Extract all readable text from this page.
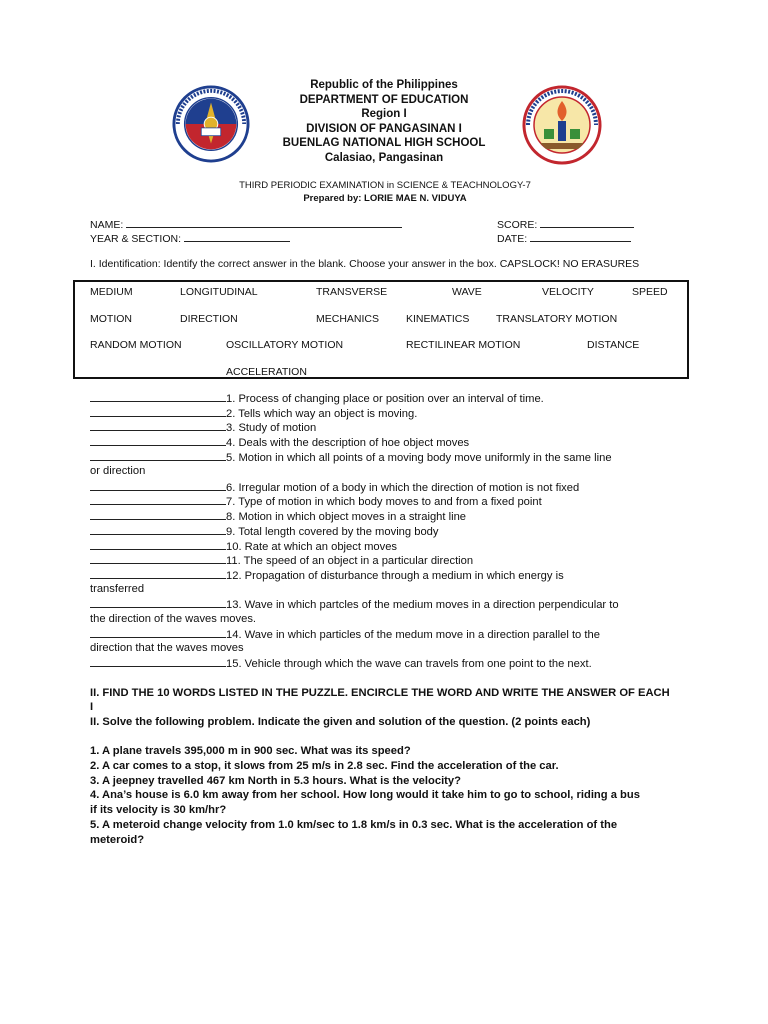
Republic of the Philippines
DEPARTMENT OF EDUCATION
Region I
DIVISION OF PANGASINAN I
BUENLAG NATIONAL HIGH SCHOOL
Calasiao, Pangasinan
THIRD PERIODIC EXAMINATION in SCIENCE & TEACHNOLOGY-7
Prepared by: LORIE MAE N. VIDUYA
NAME:
YEAR & SECTION:
SCORE:
DATE:
I. Identification: Identify the correct answer in the blank. Choose your answer in the box. CAPSLOCK! NO ERASURES
MEDIUM	LONGITUDINAL	TRANSVERSE	WAVE	VELOCITY	SPEED
MOTION	DIRECTION	MECHANICS	KINEMATICS	TRANSLATORY MOTION
RANDOM MOTION	OSCILLATORY MOTION	RECTILINEAR MOTION	DISTANCE
ACCELERATION
1. Process of changing place or position over an interval of time.
2. Tells which way an object is moving.
3. Study of motion
4. Deals with the description of hoe object moves
5. Motion in which all points of a moving body move uniformly in the same line
or direction
6. Irregular motion of a body in which the direction of motion is not fixed
7. Type of motion in which body moves to and from a fixed point
8. Motion in which object moves in a straight line
9. Total length covered by the moving body
10. Rate at which an object moves
11. The speed of an object in a particular direction
12. Propagation of disturbance through a medium in which energy is
transferred
13. Wave in which partcles of the medium moves in a direction perpendicular to
the direction of the waves moves.
14. Wave in which particles of the medum move in a direction parallel to the
direction that the waves moves
15. Vehicle through which the wave can travels from one point to the next.
II. FIND THE 10 WORDS LISTED IN THE PUZZLE. ENCIRCLE THE WORD AND WRITE THE ANSWER OF EACH
I
II. Solve the following problem. Indicate the given and solution of the question. (2 points each)
1. A plane travels 395,000 m in 900 sec. What was its speed?
2. A car comes to a stop, it slows from 25 m/s in 2.8 sec. Find the acceleration of the car.
3. A jeepney travelled 467 km North in 5.3 hours. What is the velocity?
4. Ana’s house is 6.0 km away from her school. How long would it take him to go to school, riding a bus
if its velocity is 30 km/hr?
5. A meteroid change velocity from 1.0 km/sec to 1.8 km/s in 0.3 sec. What is the acceleration of the
meteroid?
